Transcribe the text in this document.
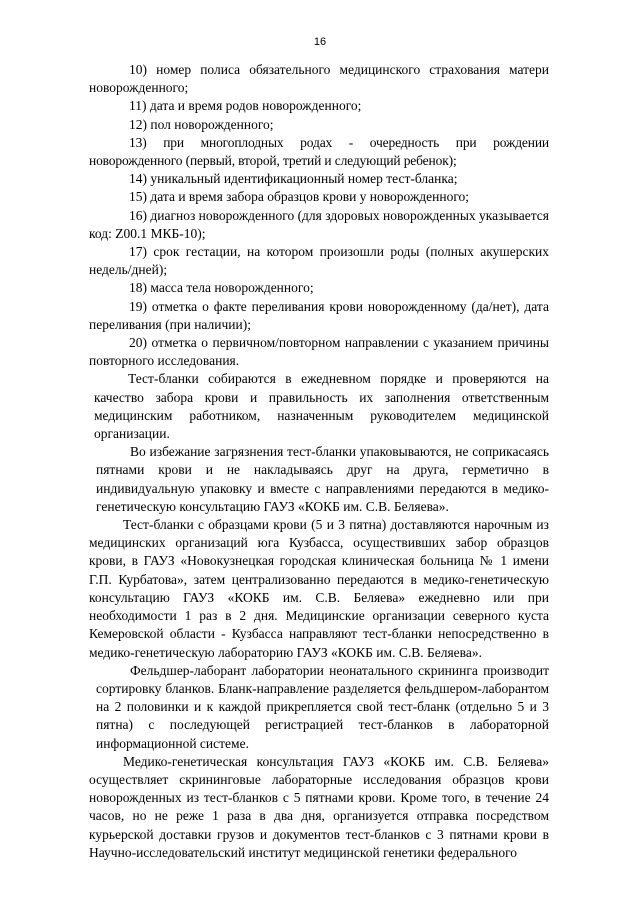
16

10) номер полиса обязательного медицинского страхования матери новорожденного;

11) дата и время родов новорожденного;

12) пол новорожденного;

13) при многоплодных родах - очередность при рождении новорожденного (первый, второй, третий и следующий ребенок);

14) уникальный идентификационный номер тест-бланка;

15) дата и время забора образцов крови у новорожденного;

16) диагноз новорожденного (для здоровых новорожденных указывается код: Z00.1 МКБ-10);

17) срок гестации, на котором произошли роды (полных акушерских недель/дней);

18) масса тела новорожденного;

19) отметка о факте переливания крови новорожденному (да/нет), дата переливания (при наличии);

20) отметка о первичном/повторном направлении с указанием причины повторного исследования.

Тест-бланки собираются в ежедневном порядке и проверяются на качество забора крови и правильность их заполнения ответственным медицинским работником, назначенным руководителем медицинской организации.

Во избежание загрязнения тест-бланки упаковываются, не соприкасаясь пятнами крови и не накладываясь друг на друга, герметично в индивидуальную упаковку и вместе с направлениями передаются в медико-генетическую консультацию ГАУЗ «КОКБ им. С.В. Беляева».

Тест-бланки с образцами крови (5 и 3 пятна) доставляются нарочным из медицинских организаций юга Кузбасса, осуществивших забор образцов крови, в ГАУЗ «Новокузнецкая городская клиническая больница № 1 имени Г.П. Курбатова», затем централизованно передаются в медико-генетическую консультацию ГАУЗ «КОКБ им. С.В. Беляева» ежедневно или при необходимости 1 раз в 2 дня. Медицинские организации северного куста Кемеровской области - Кузбасса направляют тест-бланки непосредственно в медико-генетическую лабораторию ГАУЗ «КОКБ им. С.В. Беляева».

Фельдшер-лаборант лаборатории неонатального скрининга производит сортировку бланков. Бланк-направление разделяется фельдшером-лаборантом на 2 половинки и к каждой прикрепляется свой тест-бланк (отдельно 5 и 3 пятна) с последующей регистрацией тест-бланков в лабораторной информационной системе.

Медико-генетическая консультация ГАУЗ «КОКБ им. С.В. Беляева» осуществляет скрининговые лабораторные исследования образцов крови новорожденных из тест-бланков с 5 пятнами крови. Кроме того, в течение 24 часов, но не реже 1 раза в два дня, организуется отправка посредством курьерской доставки грузов и документов тест-бланков с 3 пятнами крови в Научно-исследовательский институт медицинской генетики федерального
